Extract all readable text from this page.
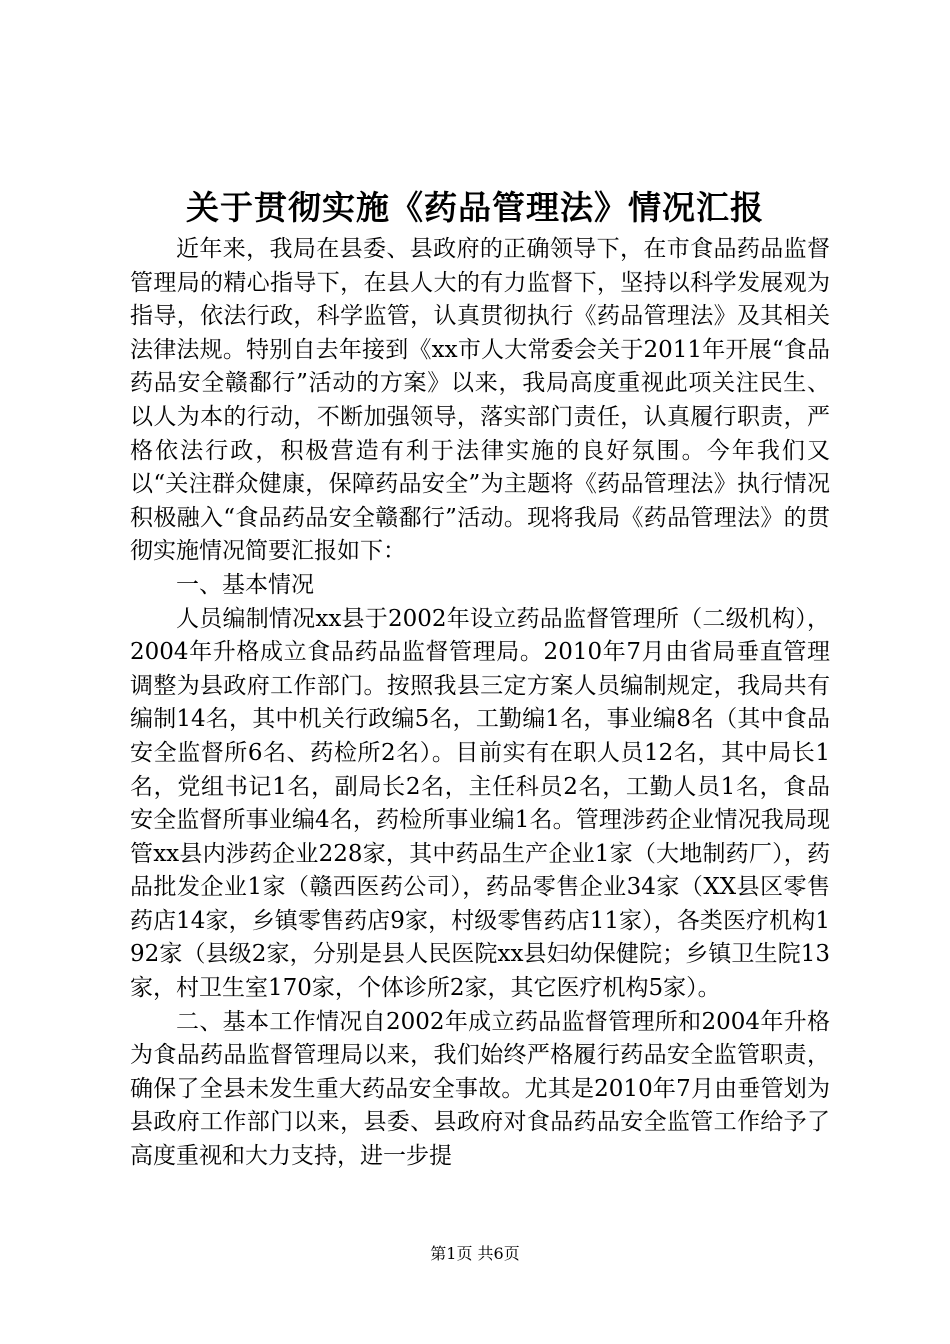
关于贯彻实施《药品管理法》情况汇报

近年来，我局在县委、县政府的正确领导下，在市食品药品监督管理局的精心指导下，在县人大的有力监督下，坚持以科学发展观为指导，依法行政，科学监管，认真贯彻执行《药品管理法》及其相关法律法规。特别自去年接到《xx市人大常委会关于2011年开展“食品药品安全赣鄱行”活动的方案》以来，我局高度重视此项关注民生、以人为本的行动，不断加强领导，落实部门责任，认真履行职责，严格依法行政，积极营造有利于法律实施的良好氛围。今年我们又以“关注群众健康，保障药品安全”为主题将《药品管理法》执行情况积极融入“食品药品安全赣鄱行”活动。现将我局《药品管理法》的贯彻实施情况简要汇报如下：

一、基本情况

人员编制情况xx县于2002年设立药品监督管理所（二级机构），2004年升格成立食品药品监督管理局。2010年7月由省局垂直管理调整为县政府工作部门。按照我县三定方案人员编制规定，我局共有编制14名，其中机关行政编5名，工勤编1名，事业编8名（其中食品安全监督所6名、药检所2名）。目前实有在职人员12名，其中局长1名，党组书记1名，副局长2名，主任科员2名，工勤人员1名，食品安全监督所事业编4名，药检所事业编1名。管理涉药企业情况我局现管xx县内涉药企业228家，其中药品生产企业1家（大地制药厂），药品批发企业1家（赣西医药公司），药品零售企业34家（XX县区零售药店14家，乡镇零售药店9家，村级零售药店11家），各类医疗机构192家（县级2家，分别是县人民医院xx县妇幼保健院；乡镇卫生院13家，村卫生室170家，个体诊所2家，其它医疗机构5家）。

二、基本工作情况自2002年成立药品监督管理所和2004年升格为食品药品监督管理局以来，我们始终严格履行药品安全监管职责，确保了全县未发生重大药品安全事故。尤其是2010年7月由垂管划为县政府工作部门以来，县委、县政府对食品药品安全监管工作给予了高度重视和大力支持，进一步提

第1页 共6页
